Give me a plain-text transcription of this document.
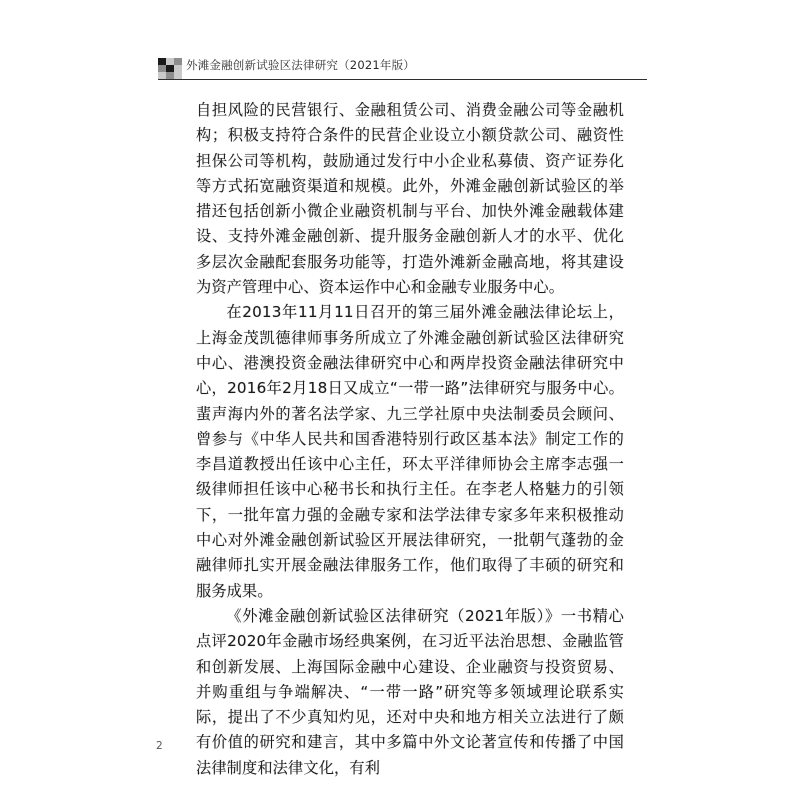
外滩金融创新试验区法律研究（2021年版）

自担风险的民营银行、金融租赁公司、消费金融公司等金融机构；积极支持符合条件的民营企业设立小额贷款公司、融资性担保公司等机构，鼓励通过发行中小企业私募债、资产证券化等方式拓宽融资渠道和规模。此外，外滩金融创新试验区的举措还包括创新小微企业融资机制与平台、加快外滩金融载体建设、支持外滩金融创新、提升服务金融创新人才的水平、优化多层次金融配套服务功能等，打造外滩新金融高地，将其建设为资产管理中心、资本运作中心和金融专业服务中心。

在2013年11月11日召开的第三届外滩金融法律论坛上，上海金茂凯德律师事务所成立了外滩金融创新试验区法律研究中心、港澳投资金融法律研究中心和两岸投资金融法律研究中心，2016年2月18日又成立“一带一路”法律研究与服务中心。蜚声海内外的著名法学家、九三学社原中央法制委员会顾问、曾参与《中华人民共和国香港特别行政区基本法》制定工作的李昌道教授出任该中心主任，环太平洋律师协会主席李志强一级律师担任该中心秘书长和执行主任。在李老人格魅力的引领下，一批年富力强的金融专家和法学法律专家多年来积极推动中心对外滩金融创新试验区开展法律研究，一批朝气蓬勃的金融律师扎实开展金融法律服务工作，他们取得了丰硕的研究和服务成果。

《外滩金融创新试验区法律研究（2021年版）》一书精心点评2020年金融市场经典案例，在习近平法治思想、金融监管和创新发展、上海国际金融中心建设、企业融资与投资贸易、并购重组与争端解决、“一带一路”研究等多领域理论联系实际，提出了不少真知灼见，还对中央和地方相关立法进行了颇有价值的研究和建言，其中多篇中外文论著宣传和传播了中国法律制度和法律文化，有利

2
